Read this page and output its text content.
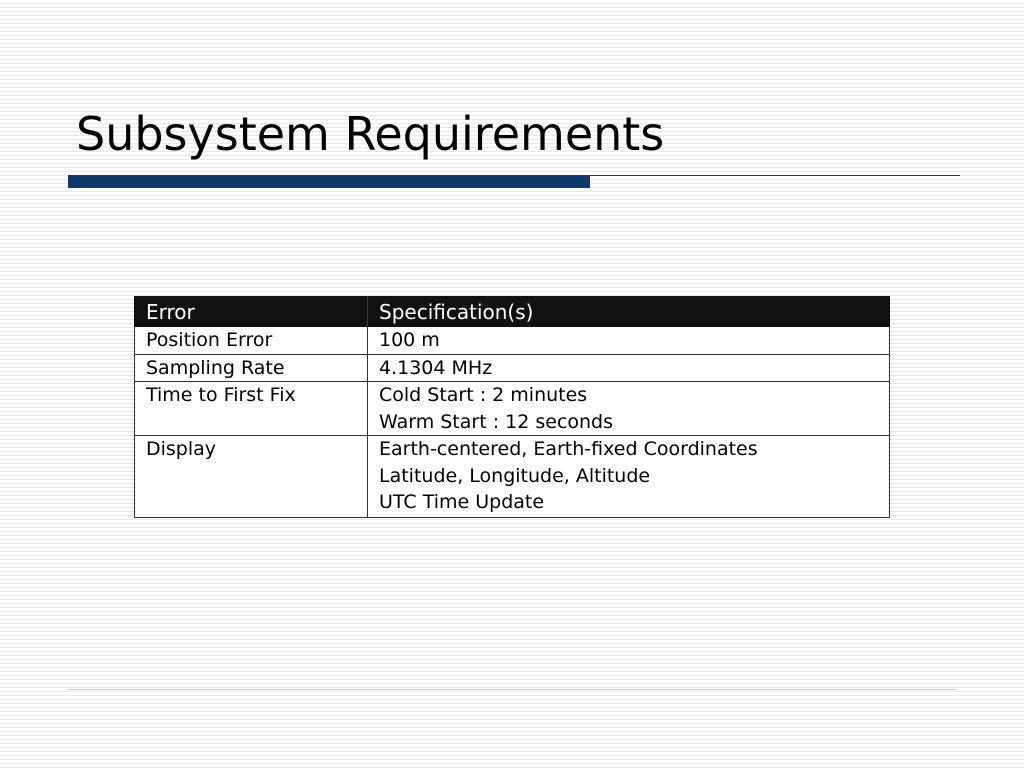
Subsystem Requirements
Error	Specification(s)
Position Error	100 m

Sampling Rate	4.1304 MHz

Time to First Fix	Cold Start : 2 minutes
Warm Start : 12 seconds

Display	Earth-centered, Earth-fixed Coordinates
Latitude, Longitude, Altitude
UTC Time Update
